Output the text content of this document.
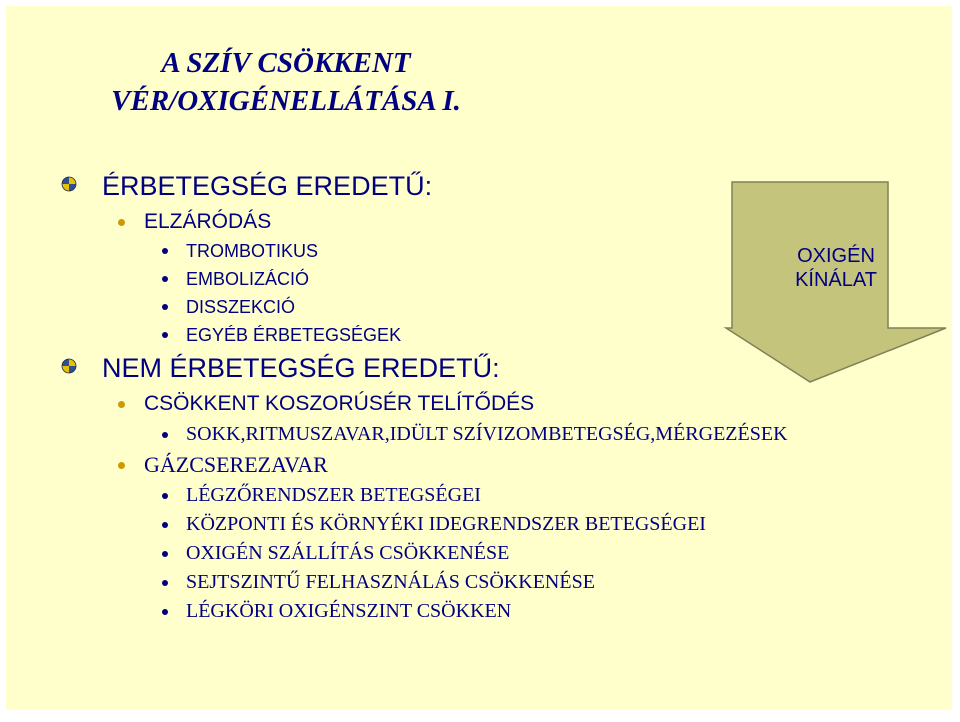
A SZÍV CSÖKKENT
VÉR/OXIGÉNELLÁTÁSA I.
OXIGÉN
KÍNÁLAT
ÉRBETEGSÉG EREDETŰ:
ELZÁRÓDÁS
TROMBOTIKUS
EMBOLIZÁCIÓ
DISSZEKCIÓ
EGYÉB ÉRBETEGSÉGEK
NEM ÉRBETEGSÉG EREDETŰ:
CSÖKKENT KOSZORÚSÉR TELÍTŐDÉS
SOKK,RITMUSZAVAR,IDÜLT SZÍVIZOMBETEGSÉG,MÉRGEZÉSEK
GÁZCSEREZAVAR
LÉGZŐRENDSZER BETEGSÉGEI
KÖZPONTI ÉS KÖRNYÉKI IDEGRENDSZER BETEGSÉGEI
OXIGÉN SZÁLLÍTÁS CSÖKKENÉSE
SEJTSZINTŰ FELHASZNÁLÁS CSÖKKENÉSE
LÉGKÖRI OXIGÉNSZINT CSÖKKEN
